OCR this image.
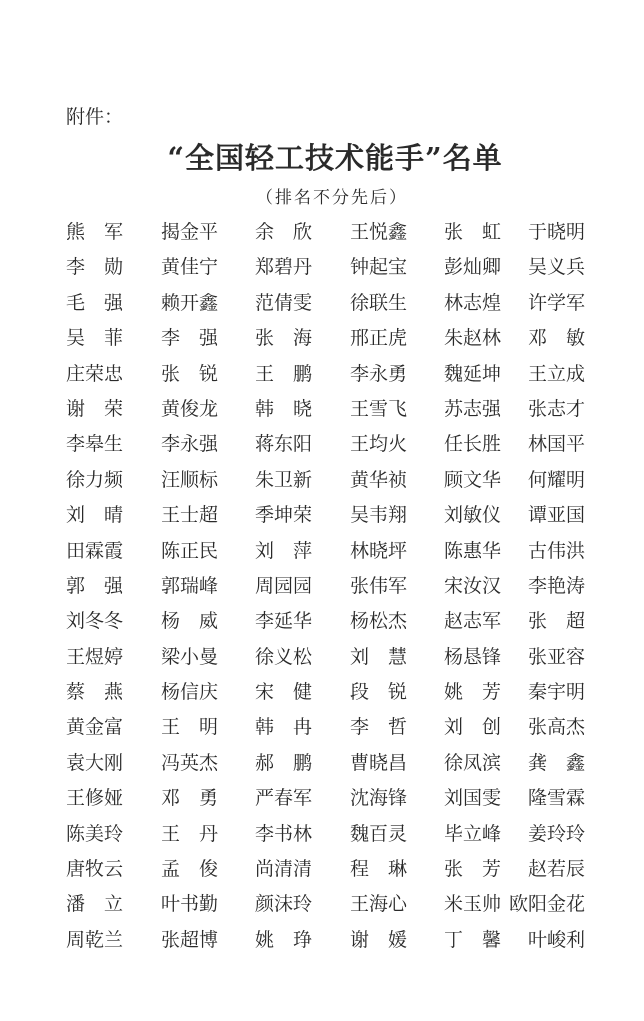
附件：
“全国轻工技术能手”名单
（排名不分先后）
熊军 揭金平 余欣 王悦鑫 张虹 于晓明
李勋 黄佳宁 郑碧丹 钟起宝 彭灿卿 吴义兵
毛强 赖开鑫 范倩雯 徐联生 林志煌 许学军
吴菲 李强 张海 邢正虎 朱赵林 邓敏
庄荣忠 张锐 王鹏 李永勇 魏延坤 王立成
谢荣 黄俊龙 韩晓 王雪飞 苏志强 张志才
李皋生 李永强 蒋东阳 王均火 任长胜 林国平
徐力频 汪顺标 朱卫新 黄华祯 顾文华 何耀明
刘晴 王士超 季坤荣 吴韦翔 刘敏仪 谭亚国
田霖霞 陈正民 刘萍 林晓坪 陈惠华 古伟洪
郭强 郭瑞峰 周园园 张伟军 宋汝汉 李艳涛
刘冬冬 杨威 李延华 杨松杰 赵志军 张超
王煜婷 梁小曼 徐义松 刘慧 杨恳锋 张亚容
蔡燕 杨信庆 宋健 段锐 姚芳 秦宇明
黄金富 王明 韩冉 李哲 刘创 张高杰
袁大刚 冯英杰 郝鹏 曹晓昌 徐凤滨 龚鑫
王修娅 邓勇 严春军 沈海锋 刘国雯 隆雪霖
陈美玲 王丹 李书林 魏百灵 毕立峰 姜玲玲
唐牧云 孟俊 尚清清 程琳 张芳 赵若辰
潘立 叶书勤 颜沫玲 王海心 米玉帅 欧阳金花
周乾兰 张超博 姚琤 谢媛 丁馨 叶峻利
